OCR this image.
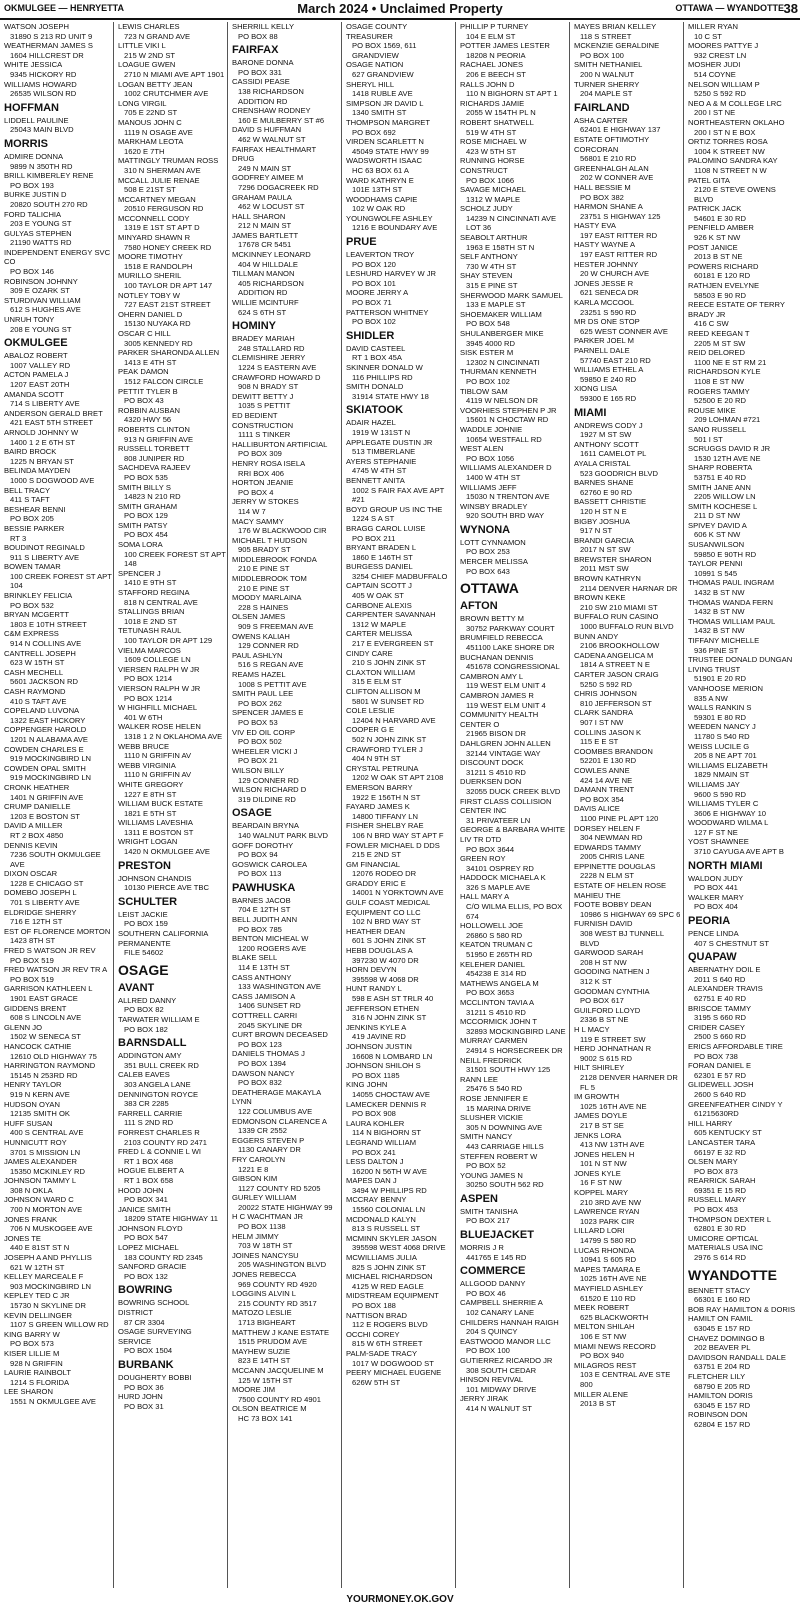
OKMULGEE — HENRYETTA	March 2024 • Unclaimed Property	OTTAWA — WYANDOTTE 38
WATSON JOSEPH
31890 S 213 RD UNIT 9
WEATHERMAN JAMES S
1604 HILLCREST DR
WHITE JESSICA
9345 HICKORY RD
WILLIAMS HOWARD
26535 WILSON RD
HOFFMAN
LIDDELL PAULINE
25043 MAIN BLVD
MORRIS
ADMIRE DONNA
9899 N 350TH RD
BRILL KIMBERLEY RENE
PO BOX 193
BURKE JUSTIN D
20820 SOUTH 270 RD
FORD TALICHIA
203 E YOUNG ST
GULYAS STEPHEN
21190 WATTS RD
INDEPENDENT ENERGY SVC CO
PO BOX 146
ROBINSON JOHNNY
309 E OZARK ST
STURDIVAN WILLIAM
612 S HUGHES AVE
UNRUH TONY
208 E YOUNG ST
OKMULGEE
ABALOZ ROBERT
1007 VALLEY RD
ACTON PAMELA J
1207 EAST 20TH
AMANDA SCOTT
714 S LIBERTY AVE
ANDERSON GERALD BRET
421 EAST 5TH STREET
ARNOLD JOHNNY W
1400 1 2 E 6TH ST
BAIRD BROCK
1225 N BRYAN ST
BELINDA MAYDEN
1000 S DOGWOOD AVE
BELL TRACY
411 S TAFT
BESHEAR BENNI
PO BOX 205
BESSIE PARKER
RT 3
BOUDINOT REGINALD
911 S LIBERTY AVE
BOWEN TAMAR
100 CREEK FOREST ST APT 104
BRINKLEY FELICIA
PO BOX 532
BRYAN MCGERTT
1803 E 10TH STREET
C&M EXPRESS
914 N COLLINS AVE
CANTRELL JOSEPH
623 W 15TH ST
CASH MECHELL
5601 JACKSON RD
CASH RAYMOND
410 S TAFT AVE
COPELAND LUVONA
1322 EAST HICKORY
COPPENGER HAROLD
1201 N ALABAMA AVE
COWDEN CHARLES E
919 MOCKINGBIRD LN
COWDEN OPAL SMITH
919 MOCKINGBIRD LN
CRONK HEATHER
1401 N GRIFFIN AVE
CRUMP DANIELLE
1203 E BOSTON ST
DAVID A MILLER
RT 2 BOX 4850
DENNIS KEVIN
7236 SOUTH OKMULGEE AVE
DIXON OSCAR
1228 E CHICAGO ST
DOMEBO JOSEPH L
701 S LIBERTY AVE
ELDRIDGE SHERRY
716 E 12TH ST
EST OF FLORENCE MORTON
1423 8TH ST
FRED S WATSON JR REV
PO BOX 519
FRED WATSON JR REV TR A
PO BOX 519
GARRISON KATHLEEN L
1901 EAST GRACE
GIDDENS BRENT
608 S LINCOLN AVE
GLENN JO
1502 W SENECA ST
HANCOCK CATHIE
12610 OLD HIGHWAY 75
HARRINGTON RAYMOND
15145 N 253RD RD
HENRY TAYLOR
919 N KERN AVE
HUDSON OYAN
12135 SMITH OK
HUFF SUSAN
400 S CENTRAL AVE
HUNNICUTT ROY
3701 S MISSION LN
JAMES ALEXANDER
15350 MCKINLEY RD
JOHNSON TAMMY L
308 N OKLA
JOHNSON WARD C
700 N MORTON AVE
JONES FRANK
706 N MUSKOGEE AVE
JONES TE
440 E 81ST ST N
JOSEPH A AND PHYLLIS
621 W 12TH ST
KELLEY MARCEALE F
903 MOCKINGBIRD LN
KEPLEY TED C JR
15730 N SKYLINE DR
KEVIN DELLINGER
1107 S GREEN WILLOW RD
KING BARRY W
PO BOX 573
KISER LILLIE M
928 N GRIFFIN
LAURIE RAINBOLT
1214 S FLORIDA
LEE SHARON
1551 N OKMULGEE AVE
LEWIS CHARLES
723 N GRAND AVE
LITTLE VIKI L
215 W 2ND ST
LOAGUE GWEN
2710 N MIAMI AVE APT 1901
LOGAN BETTY JEAN
1002 CRUTCHMER AVE
LONG VIRGIL
705 E 22ND ST
MANOUS JOHN C
1119 N OSAGE AVE
MARKHAM LEOTA
1620 E 7TH
MATTINGLY TRUMAN ROSS
310 N SHERMAN AVE
MCCALL JULIE RENAE
508 E 21ST ST
MCCARTNEY MEGAN
20510 FERGUSON RD
MCCONNELL CODY
1319 E 1ST ST APT D
MINYARD SHAWN R
7580 HONEY CREEK RD
MOORE TIMOTHY
1518 E RANDOLPH
MURILLO SHERIL
100 TAYLOR DR APT 147
NOTLEY TOBY W
727 EAST 21ST STREET
OHERN DANIEL D
15130 NUYAKA RD
OSCAR C HILL
3005 KENNEDY RD
PARKER SHARONDA ALLEN
1413 E 4TH ST
PEAK DAMON
1512 FALCON CIRCLE
PETTIT TYLER B
PO BOX 43
ROBBIN AUSBAN
4320 HWY 56
ROBERTS CLINTON
913 N GRIFFIN AVE
RUSSELL TORBETT
808 JUNIPER RD
SACHDEVA RAJEEV
PO BOX 535
SMITH BILLY S
14823 N 210 RD
SMITH GRAHAM
PO BOX 129
SMITH PATSY
PO BOX 454
SOMA LORA
100 CREEK FOREST ST APT 148
SPENCER J
1410 E 9TH ST
STAFFORD REGINA
818 N CENTRAL AVE
STALLINGS BRIAN
1018 E 2ND ST
TETUNASH RAUL
100 TAYLOR DR APT 129
VIELMA MARCOS
1609 COLLEGE LN
VIERSEN RALPH W JR
PO BOX 1214
VIERSON RALPH W JR
PO BOX 1214
W HIGHFILL MICHAEL
401 W 6TH
WALKER ROSE HELEN
1318 1 2 N OKLAHOMA AVE
WEBB BRUCE
1110 N GRIFFIN AV
WEBB VIRGINIA
1110 N GRIFFIN AV
WHITE GREGORY
1227 E 8TH ST
WILLIAM BUCK ESTATE
1821 E 5TH ST
WILLIAMS LAVESHIA
1311 E BOSTON ST
WRIGHT LOGAN
1420 N OKMULGEE AVE
PRESTON
JOHNSON CHANDIS
10130 PIERCE AVE TBC
SCHULTER
LEIST JACKIE
PO BOX 159
SOUTHERN CALIFORNIA PERMANENTE
FILE 54602
OSAGE
AVANT
ALLRED DANNY
PO BOX 82
TARWATER WILLIAM E
PO BOX 182
BARNSDALL
ADDINGTON AMY
351 BULL CREEK RD
CALEB EAVES
303 ANGELA LANE
DENNINGTON ROYCE
383 CR 2285
FARRELL CARRIE
111 S 2ND RD
FORREST CHARLES R
2103 COUNTY RD 2471
FRED L & CONNIE L WI
RT 1 BOX 468
HOGUE ELBERT A
RT 1 BOX 658
HOOD JOHN
PO BOX 341
JANICE SMITH
18209 STATE HIGHWAY 11
JOHNSON FLOYD
PO BOX 547
LOPEZ MICHAEL
183 COUNTY RD 2345
SANFORD GRACIE
PO BOX 132
BOWRING
BOWRING SCHOOL DISTRICT
87 CR 3304
OSAGE SURVEYING SERVICE
PO BOX 1504
BURBANK
DOUGHERTY BOBBI
PO BOX 36
HURD JOHN
PO BOX 31
SHERRILL KELLY
PO BOX 88
FAIRFAX
BARONE DONNA
PO BOX 331
CASSIDI PEASE
138 RICHARDSON ADDITION RD
CRENSHAW RODNEY
160 E MULBERRY ST #6
DAVID S HUFFMAN
462 W WALNUT ST
FAIRFAX HEALTHMART DRUG
249 N MAIN ST
GODFREY AIMEE M
7296 DOGACREEK RD
GRAHAM PAULA
462 W LOCUST ST
HALL SHARON
212 N MAIN ST
JAMES BARTLETT
17678 CR 5451
MCKINNEY LEONARD
404 W HILLDALE
TILLMAN MANON
405 RICHARDSON ADDITION RD
WILLIE MCINTURF
624 S 6TH ST
HOMINY
BRADEY MARIAH
248 STALLARD RD
CLEMISHIRE JERRY
1224 S EASTERN AVE
CRAWFORD HOWARD D
908 N BRADY ST
DEWITT BETTY J
1035 S PETTIT
ED BEDIENT CONSTRUCTION
1111 S TINKER
HALLIBURTON ARTIFICIAL
PO BOX 309
HENRY ROSA ISELA
RRI BOX 406
HORTON JEANIE
PO BOX 4
JERRY W STOKES
114 W 7
MACY SAMMY
176 W BLACKWOOD CIR
MICHAEL T HUDSON
905 BRADY ST
MIDDLEBROOK FONDA
210 E PINE ST
MIDDLEBROOK TOM
210 E PINE ST
MOODY MARLAINA
228 S HAINES
OLSEN JAMES
909 S FREEMAN AVE
OWENS KALIAH
129 CONNER RD
PAUL ASHLYN
516 S REGAN AVE
REAMS HAZEL
1008 S PETTIT AVE
SMITH PAUL LEE
PO BOX 262
SPENCER JAMES E
PO BOX 53
VIV ED OIL CORP
PO BOX 502
WHEELER VICKI J
PO BOX 21
WILSON BILLY
129 CONNER RD
WILSON RICHARD D
319 DILDINE RD
OSAGE
BEARDAIN BRYNA
140 WALNUT PARK BLVD
GOFF DOROTHY
PO BOX 94
GOSWICK CAROLEA
PO BOX 113
PAWHUSKA
BARNES JACOB
704 E 12TH ST
BELL JUDITH ANN
PO BOX 785
BENTON MICHEAL W
1200 ROGERS AVE
BLAKE SELL
114 E 13TH ST
CASS ANTHONY
133 WASHINGTON AVE
CASS JAMISON A
1406 SUNSET RD
COTTRELL CARRI
2045 SKYLINE DR
CURT BROWN DECEASED
PO BOX 123
DANIELS THOMAS J
PO BOX 1394
DAWSON NANCY
PO BOX 832
DEATHERAGE MAKAYLA LYNN
122 COLUMBUS AVE
EDMONSON CLARENCE A
1339 CR 2552
EGGERS STEVEN P
1130 CANARY DR
FRY CAROLYN
1221 E 8
GIBSON KIM
1127 COUNTY RD 5205
GURLEY WILLIAM
20022 STATE HIGHWAY 99
H C WACHTMAN JR
PO BOX 1138
HELM JIMMY
703 W 18TH ST
JOINES NANCYSU
205 WASHINGTON BLVD
JONES REBECCA
969 COUNTY RD 4920
LOGGINS ALVIN L
215 COUNTY RD 3517
MATOZO LESLIE
1713 BIGHEART
MATTHEW J KANE ESTATE
1515 PRUDOM AVE
MAYHEW SUZIE
823 E 14TH ST
MCCANN JACQUELINE M
125 W 15TH ST
MOORE JIM
7500 COUNTY RD 4901
OLSON BEATRICE M
HC 73 BOX 141
OSAGE COUNTY TREASURER
PO BOX 1569, 611 GRANDVIEW
OSAGE NATION
627 GRANDVIEW
SHERYL HILL
1418 RUBLE AVE
SIMPSON JR DAVID L
1340 SMITH ST
THOMPSON MARGRET
PO BOX 692
VIRDEN SCARLETT N
45049 STATE HWY 99
WADSWORTH ISAAC
HC 63 BOX 61 A
WARD KATHRYN E
101E 13TH ST
WOODHAMS CAPIE
102 W OAK RD
YOUNGWOLFE ASHLEY
1216 E BOUNDARY AVE
PRUE
LEAVERTON TROY
PO BOX 120
LESHURD HARVEY W JR
PO BOX 101
MOORE JERRY A
PO BOX 71
PATTERSON WHITNEY
PO BOX 102
SHIDLER
DAVID CASTEEL
RT 1 BOX 45A
SKINNER DONALD W
116 PHILLIPS RD
SMITH DONALD
31914 STATE HWY 18
SKIATOOK
ADAIR HAZEL
1919 W 131ST N
APPLEGATE DUSTIN JR
513 TIMBERLANE
AYERS STEPHANIE
4745 W 4TH ST
BENNETT ANITA
1002 S FAIR FAX AVE APT #21
BOYD GROUP US INC THE
1224 S A ST
BRAGG CAROL LUISE
PO BOX 211
BRYANT BRADEN L
1860 E 146TH ST
BURGESS DANIEL
3254 CHIEF MADBUFFALO
CAPTAIN SCOTT J
405 W OAK ST
CARBONE ALEXIS
CARPENTER SAVANNAH
1312 W MAPLE
CARTER MELISSA
217 E EVERGREEN ST
CINDY CARE
210 S JOHN ZINK ST
CLAXTON WILLIAM
315 E ELM ST
CLIFTON ALLISON M
5801 W SUNSET RD
COLE LESLIE
12404 N HARVARD AVE
COOPER G E
502 N JOHN ZINK ST
CRAWFORD TYLER J
404 N 9TH ST
CRYSTAL PETRUNA
1202 W OAK ST APT 2108
EMERSON BARRY
1922 E 156TH N ST
FAYARD JAMES K
14800 TIFFANY LN
FISHER SHELBY RAE
106 N BRD WAY ST APT F
FOWLER MICHAEL D DDS
215 E 2ND ST
GM FINANCIAL
12076 RODEO DR
GRADDY ERIC E
14001 N YORKTOWN AVE
GULF COAST MEDICAL EQUIPMENT CO LLC
102 N BRD WAY ST
HEATHER DEAN
601 S JOHN ZINK ST
HEBB DOUGLAS A
397230 W 4070 DR
HORN DEVYN
395598 W 4068 DR
HUNT RANDY L
598 E ASH ST TRLR 40
JEFFERSON ETHEN
316 N JOHN ZINK ST
JENKINS KYLE A
419 JAVINE RD
JOHNSON JUSTIN
16608 N LOMBARD LN
JOHNSON SHILOH S
PO BOX 1185
KING JOHN
14055 CHOCTAW AVE
LAMECKER DENNIS R
PO BOX 908
LAURA KOHLER
114 N BIGHORN ST
LEGRAND WILLIAM
PO BOX 241
LESS DALTON J
16200 N 56TH W AVE
MAPES DAN J
3494 W PHILLIPS RD
MCCRAY BENNY
15560 COLONIAL LN
MCDONALD KALYN
813 S RUSSELL ST
MCMINN SKYLER JASON
395598 WEST 4068 DRIVE
MCWILLIAMS JULIA
825 S JOHN ZINK ST
MICHAEL RICHARDSON
4125 W RED EAGLE
MIDSTREAM EQUIPMENT
PO BOX 188
NATTISON BRAD
112 E ROGERS BLVD
OCCHI COREY
815 W 6TH STREET
PALM-SADE TRACY
1017 W DOGWOOD ST
PEERY MICHAEL EUGENE
626W 5TH ST
PHILLIP P TURNEY
104 E ELM ST
POTTER JAMES LESTER
18208 N PEORIA
RACHAEL JONES
206 E BEECH ST
RALLS JOHN D
110 N BIGHORN ST APT 1
RICHARDS JAMIE
2055 W 154TH PL N
ROBERT SHATWELL
519 W 4TH ST
ROSE MICHAEL W
423 W 5TH ST
RUNNING HORSE CONSTRUCT
PO BOX 1066
SAVAGE MICHAEL
1312 W MAPLE
SCHOLZ JUDY
14239 N CINCINNATI AVE LOT 36
SEABOLT ARTHUR
1963 E 158TH ST N
SELF ANTHONY
730 W 4TH ST
SHAY STEVEN
315 E PINE ST
SHERWOOD MARK SAMUEL
133 E MAPLE ST
SHOEMAKER WILLIAM
PO BOX 548
SHULANBERGER MIKE
3945 4000 RD
SISK ESTER M
12302 N CINCINNATI
THURMAN KENNETH
PO BOX 102
TIBLOW SAM
4119 W NELSON DR
VOORHIES STEPHEN P JR
15601 N CHOCTAW RD
WADDLE JOHNIE
10654 WESTFALL RD
WEST ALEN
PO BOX 1056
WILLIAMS ALEXANDER D
1400 W 4TH ST
WILLIAMS JEFF
15030 N TRENTON AVE
WINSBY BRADLEY
920 SOUTH BRD WAY
WYNONA
LOTT CYNNAMON
PO BOX 253
MERCER MELISSA
PO BOX 643
OTTAWA
AFTON
BROWN BETTY M
30752 PARKWAY COURT
BRUMFIELD REBECCA
451100 LAKE SHORE DR
BUCHANAN DENNIS
451678 CONGRESSIONAL
CAMBRON AMY L
119 WEST ELM UNIT 4
CAMBRON JAMES R
119 WEST ELM UNIT 4
COMMUNITY HEALTH CENTER O
21965 BISON DR
DAHLGREN JOHN ALLEN
32144 VINTAGE WAY
DISCOUNT DOCK
31211 S 4510 RD
DUERKSEN DON
32055 DUCK CREEK BLVD
FIRST CLASS COLLISION CENTER INC
31 PRIVATEER LN
GEORGE & BARBARA WHITE LIV TR DTD
PO BOX 3644
GREEN ROY
34101 OSPREY RD
HADDOCK MICHAELA K
326 S MAPLE AVE
HALL MARY A
C/O WILMA ELLIS, PO BOX 674
HOLLOWELL JOE
26860 S 580 RD
KEATON TRUMAN C
51950 E 265TH RD
KELEHER DANIEL
454238 E 314 RD
MATHEWS ANGELA M
PO BOX 3653
MCCLINTON TAVIA A
31211 S 4510 RD
MCCORMICK JOHN T
32893 MOCKINGBIRD LANE
MURRAY CARMEN
24914 S HORSECREEK DR
NEILL FREDRICK
31501 SOUTH HWY 125
RANN LEE
25476 S 540 RD
ROSE JENNIFER E
15 MARINA DRIVE
SLUSHER VICKIE
305 N DOWNING AVE
SMITH NANCY
443 CARRIAGE HILLS
STEFFEN ROBERT W
PO BOX 52
YOUNG JAMES N
30250 SOUTH 562 RD
ASPEN
SMITH TANISHA
PO BOX 217
BLUEJACKET
MORRIS J R
441765 E 145 RD
COMMERCE
ALLGOOD DANNY
PO BOX 46
CAMPBELL SHERRIE A
102 CANARY LANE
CHILDERS HANNAH RAIGH
204 S QUINCY
EASTWOOD MANOR LLC
PO BOX 100
GUTIERREZ RICARDO JR
308 SOUTH CEDAR
HINSON REVIVAL
101 MIDWAY DRIVE
JERRY JIRAK
414 N WALNUT ST
MAYES BRIAN KELLEY
118 S STREET
MCKENZIE GERALDINE
PO BOX 100
SMITH NETHANIEL
200 N WALNUT
TURNER SHERRY
204 MAPLE ST
FAIRLAND
ASHA CARTER
62401 E HIGHWAY 137
ESTATE OFTIMOTHY CORCORAN
56801 E 210 RD
GREENHALGH ALAN
202 W CONNER AVE
HALL BESSIE M
PO BOX 382
HARMON SHANE A
23751 S HIGHWAY 125
HASTY EVA
197 EAST RITTER RD
HASTY WAYNE A
197 EAST RITTER RD
HESTER JOHNNY
20 W CHURCH AVE
JONES JESSE R
621 SENECA DR
KARLA MCCOOL
23251 S 590 RD
MR DS ONE STOP
625 WEST CONNER AVE
PARKER JOEL M
PARNELL DALE
57740 EAST 210 RD
WILLIAMS ETHEL A
59850 E 240 RD
XIONG LISA
59300 E 165 RD
MIAMI
ANDREWS CODY J
1927 M ST SW
ANTHONY SCOTT
1611 CAMELOT PL
AYALA CRISTAL
523 GOODRICH BLVD
BARNES SHANE
62760 E 90 RD
BASSETT CHRISTIE
120 H ST N E
BIGBY JOSHUA
917 N ST
BRANDI GARCIA
2017 N ST SW
BREWSTER SHARON
2011 MST SW
BROWN KATHRYN
2114 DENVER HARNAR DR
BROWN KEKE
210 SW 210 MIAMI ST
BUFFALO RUN CASINO
1000 BUFFALO RUN BLVD
BUNN ANDY
2106 BROOKHOLLOW
CADENA ANGELICA M
1814 A STREET N E
CARTER JASON CRAIG
5250 S 592 RD
CHRIS JOHNSON
810 JEFFERSON ST
CLARK SANDRA
907 I ST NW
COLLINS JASON K
115 E E ST
COOMBES BRANDON
52201 E 130 RD
COWLES ANNE
424 14 AVE NE
DAMANN TRENT
PO BOX 354
DAVIS ALICE
1100 PINE PL APT 120
DORSEY HELEN F
304 NEWMAN RD
EDWARDS TAMMY
2005 CHRIS LANE
EPPINETTE DOUGLAS
2228 N ELM ST
ESTATE OF HELEN ROSE MAHIEU THE
FOOTE BOBBY DEAN
10986 S HIGHWAY 69 SPC 6
FURNISH DAVID
308 WEST BJ TUNNELL BLVD
GARWOOD SARAH
208 H ST NW
GOODING NATHEN J
312 K ST
GOODMAN CYNTHIA
PO BOX 617
GUILFORD LLOYD
2336 B ST NE
H L MACY
119 E STREET SW
HERD JOHNATHAN R
9002 S 615 RD
HILT SHIRLEY
2128 DENVER HARNER DR FL 5
IM GROWTH
1025 16TH AVE NE
JAMES DOYLE
217 B ST SE
JENKS LORA
413 NW 13TH AVE
JONES HELEN H
101 N ST NW
JONES KYLE
16 F ST NW
KOPPEL MARY
210 3RD AVE NW
LAWRENCE RYAN
1023 PARK CIR
LILLARD LORI
14799 S 580 RD
LUCAS RHONDA
10941 S 605 RD
MAPES TAMARA E
1025 16TH AVE NE
MAYFIELD ASHLEY
61520 E 110 RD
MEEK ROBERT
625 BLACKWORTH
MELTON SHILAH
106 E ST NW
MIAMI NEWS RECORD
PO BOX 940
MILAGROS REST
103 E CENTRAL AVE STE 800
MILLER ALENE
2013 B ST
MILLER RYAN
10 C ST
MOORES PATTYE J
932 CREST LN
MOSHER JUDI
514 COYNE
NELSON WILLIAM P
5250 S 592 RD
NEO A & M COLLEGE LRC
200 I ST NE
NORTHEASTERN OKLAHO
200 I ST N E BOX
ORTIZ TORRES ROSA
1004 K STREET NW
PALOMINO SANDRA KAY
1108 N STREET N W
PATEL GITA
2120 E STEVE OWENS BLVD
PATRICK JACK
54601 E 30 RD
PENFIELD AMBER
926 K ST NW
POST JANICE
2013 B ST NE
POWERS RICHARD
60181 E 120 RD
RATHJEN EVELYNE
58503 E 90 RD
REECE ESTATE OF TERRY BRADY JR
416 C SW
REED KEEGAN T
2205 M ST SW
REID DELORED
1100 NE E ST RM 21
RICHARDSON KYLE
1108 E ST NW
ROGERS TAMMY
52500 E 20 RD
ROUSE MIKE
209 LOHMAN #721
SANO RUSSELL
501 I ST
SCRUGGS DAVID R JR
1530 12TH AVE NE
SHARP ROBERTA
53751 E 40 RD
SMITH JANE ANN
2205 WILLOW LN
SMITH KOCHESE L
211 D ST NW
SPIVEY DAVID A
606 K ST NW
SUSANWILSON
59850 E 90TH RD
TAYLOR PENNI
10991 S 545
THOMAS PAUL INGRAM
1432 B ST NW
THOMAS WANDA FERN
1432 B ST NW
THOMAS WILLIAM PAUL
1432 B ST NW
TIFFANY MICHELLE
936 PINE ST
TRUSTEE DONALD DUNGAN LIVING TRUST
51901 E 20 RD
VANHOOSE MERION
835 A NW
WALLS RANKIN S
59301 E 80 RD
WEEDEN NANCY J
11780 S 540 RD
WEISS LUCILE G
205 8 NE APT 701
WILLIAMS ELIZABETH
1829 NMAIN ST
WILLIAMS JAY
9600 S 590 RD
WILLIAMS TYLER C
3606 E HIGHWAY 10
WOODWARD WILMA L
127 F ST NE
YOST SHAWNEE
3710 CAYUGA AVE APT B
NORTH MIAMI
WALDON JUDY
PO BOX 441
WALKER MARY
PO BOX 404
PEORIA
PENCE LINDA
407 S CHESTNUT ST
QUAPAW
ABERNATHY DOIL E
2011 S 640 RD
ALEXANDER TRAVIS
62751 E 40 RD
BRISCOE TAMMY
3195 S 660 RD
CRIDER CASEY
2500 S 660 RD
ERICS AFFORDABLE TIRE
PO BOX 738
FORAN DANIEL E
62301 E 57 RD
GLIDEWELL JOSH
2600 S 640 RD
GREENFEATHER CINDY Y
61215630RD
HILL HARRY
605 KENTUCKY ST
LANCASTER TARA
66197 E 32 RD
OLSEN MARY
PO BOX 873
REARRICK SARAH
69351 E 15 RD
RUSSELL MARY
PO BOX 453
THOMPSON DEXTER L
62801 E 30 RD
UMICORE OPTICAL MATERIALS USA INC
2976 S 614 RD
WYANDOTTE
BENNETT STACY
66301 E 160 RD
BOB RAY HAMILTON & DORIS HAMILT ON FAMIL
63045 E 157 RD
CHAVEZ DOMINGO B
202 BEAVER PL
DAVIDSON RANDALL DALE
63751 E 204 RD
FLETCHER LILY
68790 E 205 RD
HAMILTON DORIS
63045 E 157 RD
ROBINSON DON
62804 E 157 RD
YOURMONEY.OK.GOV
